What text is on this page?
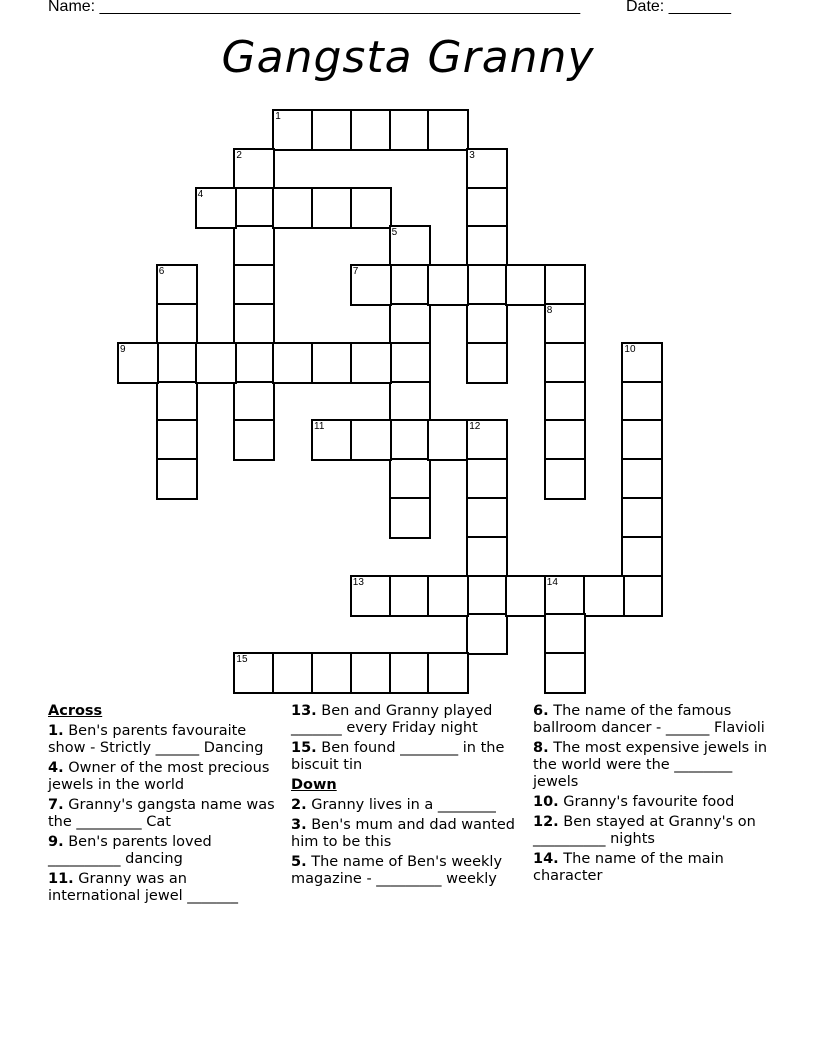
Name: ______________________________________________________	Date: _______
Gangsta Granny
1
2	3
4
5
6	7
8
9	10
11	12
13	14
15
Across
1. Ben's parents favouraite show - Strictly ______ Dancing
4. Owner of the most precious jewels in the world
7. Granny's gangsta name was the _________ Cat
9. Ben's parents loved __________ dancing
11. Granny was an international jewel _______
13. Ben and Granny played _______ every Friday night
15. Ben found ________ in the biscuit tin
Down
2. Granny lives in a ________
3. Ben's mum and dad wanted him to be this
5. The name of Ben's weekly magazine - _________ weekly
6. The name of the famous ballroom dancer - ______ Flavioli
8. The most expensive jewels in the world were the ________ jewels
10. Granny's favourite food
12. Ben stayed at Granny's on __________ nights
14. The name of the main character
